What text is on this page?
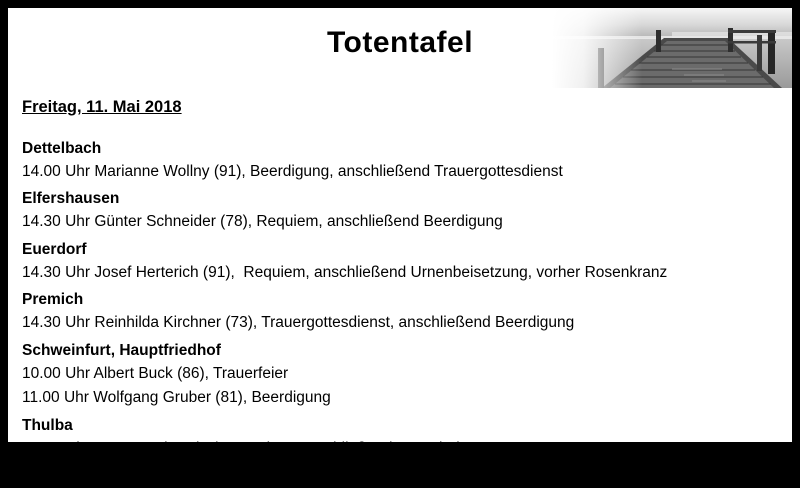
Totentafel
Freitag, 11. Mai 2018
Dettelbach
14.00 Uhr Marianne Wollny (91), Beerdigung, anschließend Trauergottesdienst
Elfershausen
14.30 Uhr Günter Schneider (78), Requiem, anschließend Beerdigung
Euerdorf
14.30 Uhr Josef Herterich (91),  Requiem, anschließend Urnenbeisetzung, vorher Rosenkranz
Premich
14.30 Uhr Reinhilda Kirchner (73), Trauergottesdienst, anschließend Beerdigung
Schweinfurt, Hauptfriedhof
10.00 Uhr Albert Buck (86), Trauerfeier
11.00 Uhr Wolfgang Gruber (81), Beerdigung
Thulba
14.30 Uhr Roger Stölzer (72), Requiem, anschließend Urnenbeisetzung
(Angaben ohne Gewähr)
